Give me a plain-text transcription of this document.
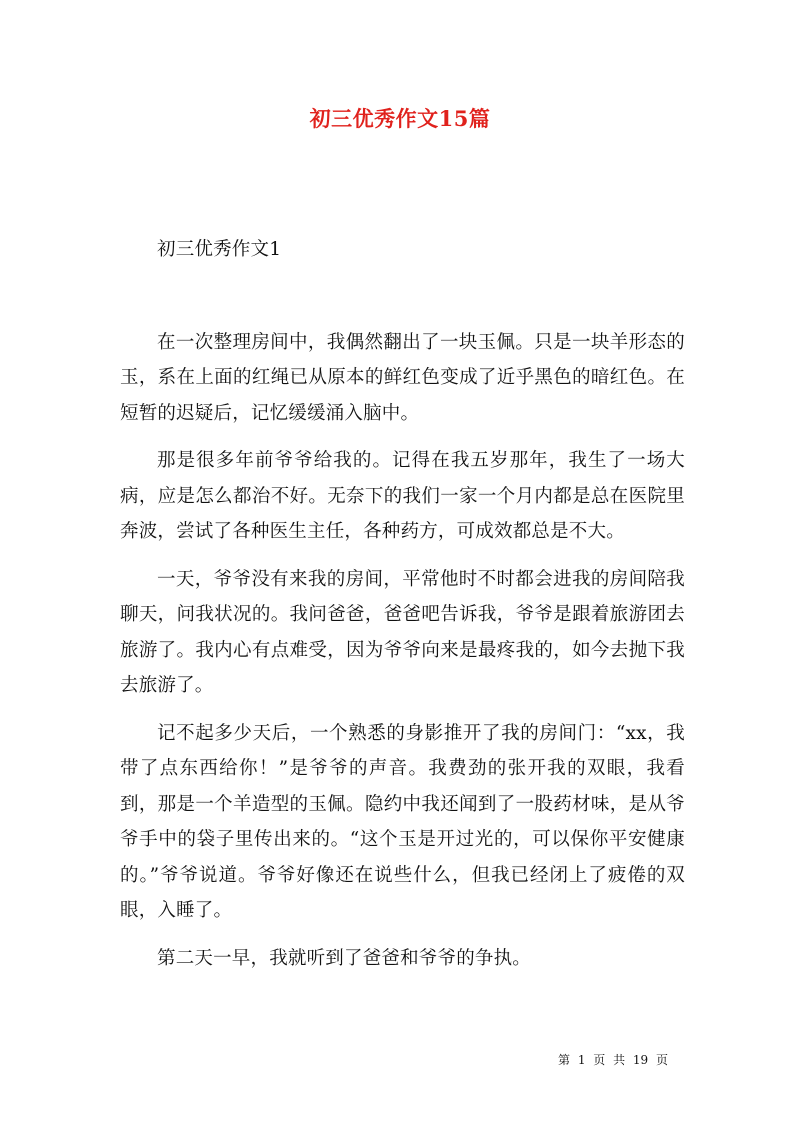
初三优秀作文15篇

初三优秀作文1

在一次整理房间中，我偶然翻出了一块玉佩。只是一块羊形态的玉，系在上面的红绳已从原本的鲜红色变成了近乎黑色的暗红色。在短暂的迟疑后，记忆缓缓涌入脑中。

那是很多年前爷爷给我的。记得在我五岁那年，我生了一场大病，应是怎么都治不好。无奈下的我们一家一个月内都是总在医院里奔波，尝试了各种医生主任，各种药方，可成效都总是不大。

一天，爷爷没有来我的房间，平常他时不时都会进我的房间陪我聊天，问我状况的。我问爸爸，爸爸吧告诉我，爷爷是跟着旅游团去旅游了。我内心有点难受，因为爷爷向来是最疼我的，如今去抛下我去旅游了。

记不起多少天后，一个熟悉的身影推开了我的房间门：“xx，我带了点东西给你！”是爷爷的声音。我费劲的张开我的双眼，我看到，那是一个羊造型的玉佩。隐约中我还闻到了一股药材味，是从爷爷手中的袋子里传出来的。“这个玉是开过光的，可以保你平安健康的。”爷爷说道。爷爷好像还在说些什么，但我已经闭上了疲倦的双眼，入睡了。

第二天一早，我就听到了爸爸和爷爷的争执。

第 1 页 共 19 页
